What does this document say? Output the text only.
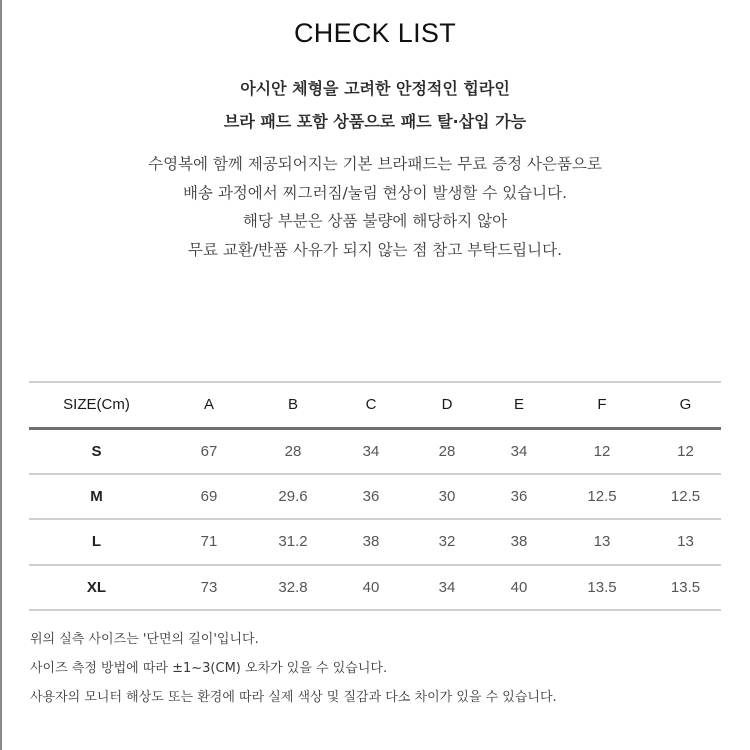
CHECK LIST
아시안 체형을 고려한 안정적인 힙라인
브라 패드 포함 상품으로 패드 탈·삽입 가능
수영복에 함께 제공되어지는 기본 브라패드는 무료 증정 사은품으로
배송 과정에서 찌그러짐/눌림 현상이 발생할 수 있습니다.
해당 부분은 상품 불량에 해당하지 않아
무료 교환/반품 사유가 되지 않는 점 참고 부탁드립니다.
SIZE(Cm)	A	B	C	D	E	F	G
S	67	28	34	28	34	12	12
M	69	29.6	36	30	36	12.5	12.5
L	71	31.2	38	32	38	13	13
XL	73	32.8	40	34	40	13.5	13.5
위의 실측 사이즈는 '단면의 길이'입니다.
사이즈 측정 방법에 따라 ±1~3(CM) 오차가 있을 수 있습니다.
사용자의 모니터 해상도 또는 환경에 따라 실제 색상 및 질감과 다소 차이가 있을 수 있습니다.
